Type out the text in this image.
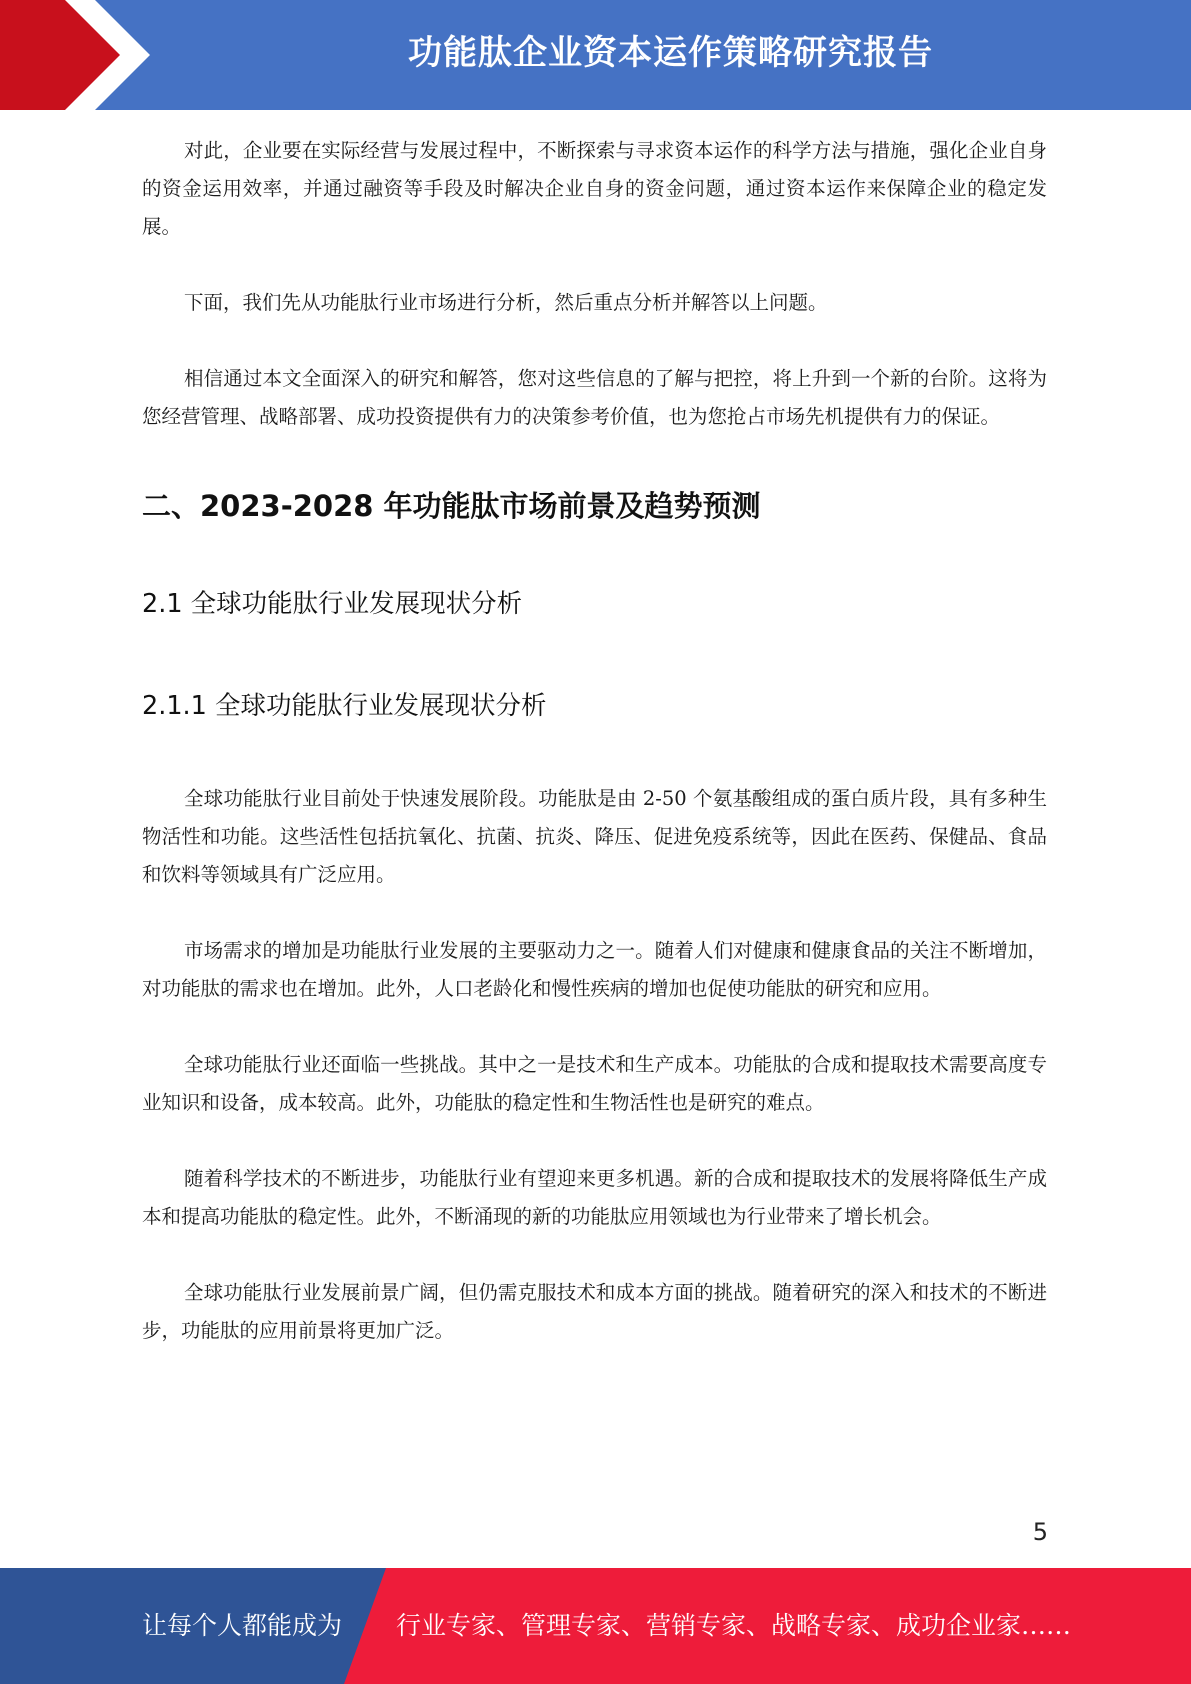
功能肽企业资本运作策略研究报告

对此，企业要在实际经营与发展过程中，不断探索与寻求资本运作的科学方法与措施，强化企业自身的资金运用效率，并通过融资等手段及时解决企业自身的资金问题，通过资本运作来保障企业的稳定发展。

下面，我们先从功能肽行业市场进行分析，然后重点分析并解答以上问题。

相信通过本文全面深入的研究和解答，您对这些信息的了解与把控，将上升到一个新的台阶。这将为您经营管理、战略部署、成功投资提供有力的决策参考价值，也为您抢占市场先机提供有力的保证。

二、2023-2028 年功能肽市场前景及趋势预测
2.1 全球功能肽行业发展现状分析
2.1.1 全球功能肽行业发展现状分析

全球功能肽行业目前处于快速发展阶段。功能肽是由 2-50 个氨基酸组成的蛋白质片段，具有多种生物活性和功能。这些活性包括抗氧化、抗菌、抗炎、降压、促进免疫系统等，因此在医药、保健品、食品和饮料等领域具有广泛应用。

市场需求的增加是功能肽行业发展的主要驱动力之一。随着人们对健康和健康食品的关注不断增加，对功能肽的需求也在增加。此外，人口老龄化和慢性疾病的增加也促使功能肽的研究和应用。

全球功能肽行业还面临一些挑战。其中之一是技术和生产成本。功能肽的合成和提取技术需要高度专业知识和设备，成本较高。此外，功能肽的稳定性和生物活性也是研究的难点。

随着科学技术的不断进步，功能肽行业有望迎来更多机遇。新的合成和提取技术的发展将降低生产成本和提高功能肽的稳定性。此外，不断涌现的新的功能肽应用领域也为行业带来了增长机会。

全球功能肽行业发展前景广阔，但仍需克服技术和成本方面的挑战。随着研究的深入和技术的不断进步，功能肽的应用前景将更加广泛。

5
让每个人都能成为 行业专家、管理专家、营销专家、战略专家、成功企业家……
